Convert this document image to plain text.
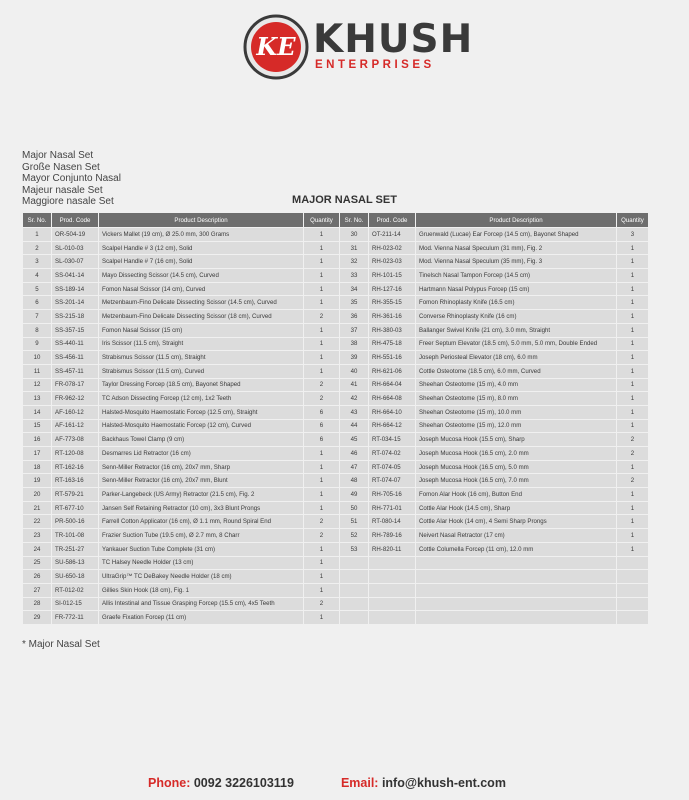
KE KHUSH
ENTERPRISES
Major Nasal Set
Große Nasen Set
Mayor Conjunto Nasal
Majeur nasale Set
Maggiore nasale Set	MAJOR NASAL SET
Sr. No.	Prod. Code	Product Description	Quantity	Sr. No.	Prod. Code	Product Description	Quantity
1	OR-504-19	Vickers Mallet (19 cm), Ø 25.0 mm, 300 Grams	1	30	OT-211-14	Gruenwald (Lucae) Ear Forcep (14.5 cm), Bayonet Shaped	3
2	SL-010-03	Scalpel Handle # 3 (12 cm), Solid	1	31	RH-023-02	Mod. Vienna Nasal Speculum (31 mm), Fig. 2	1
3	SL-030-07	Scalpel Handle # 7 (16 cm), Solid	1	32	RH-023-03	Mod. Vienna Nasal Speculum (35 mm), Fig. 3	1
4	SS-041-14	Mayo Dissecting Scissor (14.5 cm), Curved	1	33	RH-101-15	Tinelsch Nasal Tampon Forcep (14.5 cm)	1
5	SS-189-14	Fomon Nasal Scissor (14 cm), Curved	1	34	RH-127-16	Hartmann Nasal Polypus Forcep (15 cm)	1
6	SS-201-14	Metzenbaum-Fino Delicate Dissecting Scissor (14.5 cm), Curved	1	35	RH-355-15	Fomon Rhinoplasty Knife (16.5 cm)	1
7	SS-215-18	Metzenbaum-Fino Delicate Dissecting Scissor (18 cm), Curved	2	36	RH-361-16	Converse Rhinoplasty Knife (16 cm)	1
8	SS-357-15	Fomon Nasal Scissor (15 cm)	1	37	RH-380-03	Ballanger Swivel Knife (21 cm), 3.0 mm, Straight	1
9	SS-440-11	Iris Scissor (11.5 cm), Straight	1	38	RH-475-18	Freer Septum Elevator (18.5 cm), 5.0 mm, 5.0 mm, Double Ended	1
10	SS-456-11	Strabismus Scissor (11.5 cm), Straight	1	39	RH-551-16	Joseph Periosteal Elevator (18 cm), 6.0 mm	1
11	SS-457-11	Strabismus Scissor (11.5 cm), Curved	1	40	RH-621-06	Cottle Osteotome (18.5 cm), 6.0 mm, Curved	1
12	FR-078-17	Taylor Dressing Forcep (18.5 cm), Bayonet Shaped	2	41	RH-664-04	Sheehan Osteotome (15 m), 4.0 mm	1
13	FR-962-12	TC Adson Dissecting Forcep (12 cm), 1x2 Teeth	2	42	RH-664-08	Sheehan Osteotome (15 m), 8.0 mm	1
14	AF-160-12	Halsted-Mosquito Haemostatic Forcep (12.5 cm), Straight	6	43	RH-664-10	Sheehan Osteotome (15 m), 10.0 mm	1
15	AF-161-12	Halsted-Mosquito Haemostatic Forcep (12 cm), Curved	6	44	RH-664-12	Sheehan Osteotome (15 m), 12.0 mm	1
16	AF-773-08	Backhaus Towel Clamp (9 cm)	6	45	RT-034-15	Joseph Mucosa Hook (15.5 cm), Sharp	2
17	RT-120-08	Desmarres Lid Retractor (16 cm)	1	46	RT-074-02	Joseph Mucosa Hook (16.5 cm), 2.0 mm	2
18	RT-162-16	Senn-Miller Retractor (16 cm), 20x7 mm, Sharp	1	47	RT-074-05	Joseph Mucosa Hook (16.5 cm), 5.0 mm	1
19	RT-163-16	Senn-Miller Retractor (16 cm), 20x7 mm, Blunt	1	48	RT-074-07	Joseph Mucosa Hook (16.5 cm), 7.0 mm	2
20	RT-579-21	Parker-Langebeck (US Army) Retractor (21.5 cm), Fig. 2	1	49	RH-705-16	Fomon Alar Hook (16 cm), Button End	1
21	RT-677-10	Jansen Self Retaining Retractor (10 cm), 3x3 Blunt Prongs	1	50	RH-771-01	Cottle Alar Hook (14.5 cm), Sharp	1
22	PR-500-16	Farrell Cotton Applicator (16 cm), Ø 1.1 mm, Round Spiral End	2	51	RT-080-14	Cottle Alar Hook (14 cm), 4 Semi Sharp Prongs	1
23	TR-101-08	Frazier Suction Tube (19.5 cm), Ø 2.7 mm, 8 Charr	2	52	RH-789-16	Neivert Nasal Retractor (17 cm)	1
24	TR-251-27	Yankauer Suction Tube Complete (31 cm)	1	53	RH-820-11	Cottle Columella Forcep (11 cm), 12.0 mm	1
25	SU-586-13	TC Halsey Needle Holder (13 cm)	1				
26	SU-650-18	UltraGrip™ TC DeBakey Needle Holder (18 cm)	1				
27	RT-012-02	Gillies Skin Hook (18 cm), Fig. 1	1				
28	SI-012-15	Allis Intestinal and Tissue Grasping Forcep (15.5 cm), 4x5 Teeth	2				
29	FR-772-11	Graefe Fixation Forcep (11 cm)	1				
* Major Nasal Set
Phone: 0092 3226103119	Email: info@khush-ent.com
